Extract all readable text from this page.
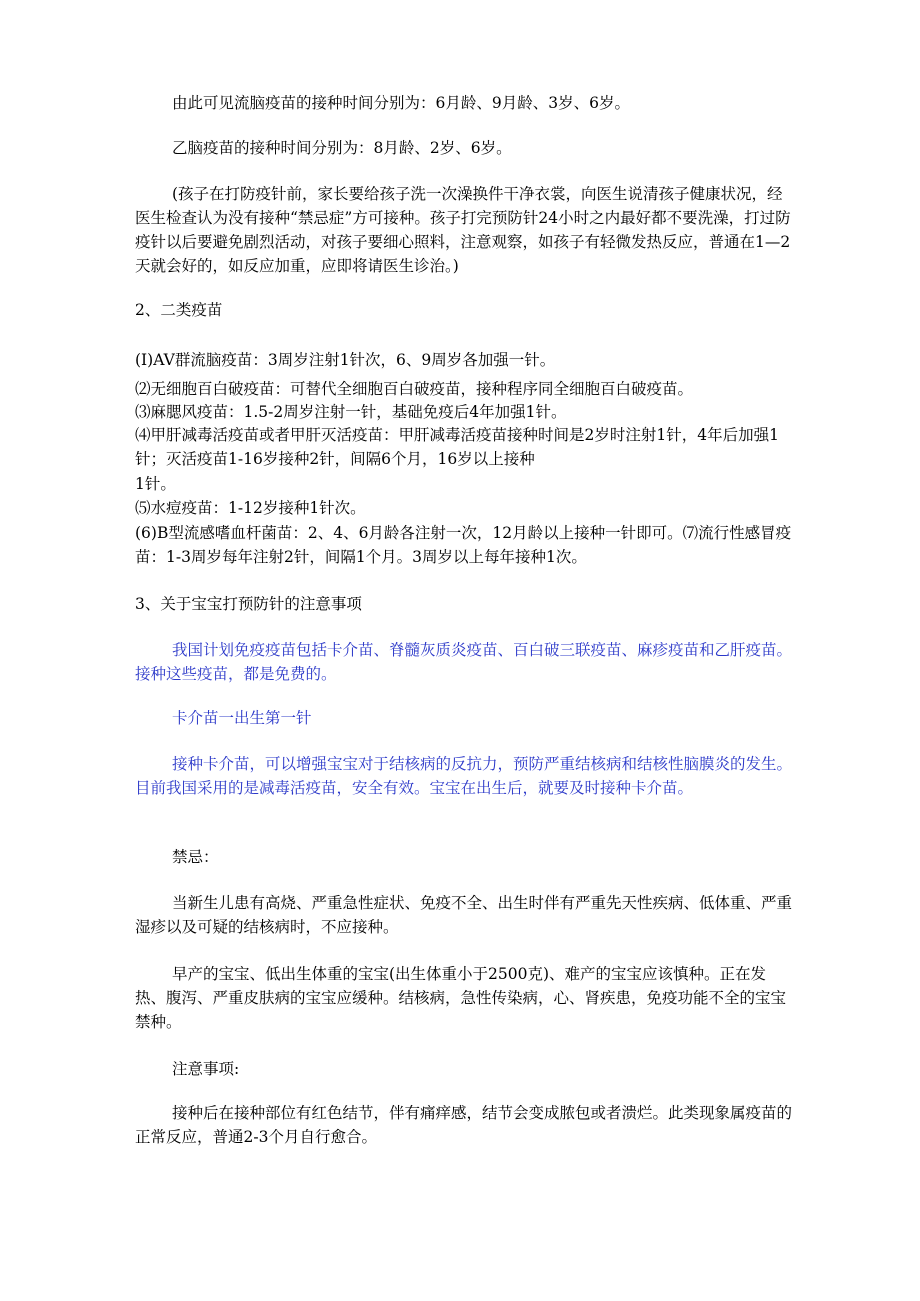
由此可见流脑疫苗的接种时间分别为：6月龄、9月龄、3岁、6岁。

乙脑疫苗的接种时间分别为：8月龄、2岁、6岁。

(孩子在打防疫针前，家长要给孩子洗一次澡换件干净衣裳，向医生说清孩子健康状况，经医生检查认为没有接种“禁忌症”方可接种。孩子打完预防针24小时之内最好都不要洗澡，打过防疫针以后要避免剧烈活动，对孩子要细心照料，注意观察，如孩子有轻微发热反应，普通在1—2天就会好的，如反应加重，应即将请医生诊治。)

2、二类疫苗

(I)AV群流脑疫苗：3周岁注射1针次，6、9周岁各加强一针。

⑵无细胞百白破疫苗：可替代全细胞百白破疫苗，接种程序同全细胞百白破疫苗。

⑶麻腮风疫苗：1.5-2周岁注射一针，基础免疫后4年加强1针。

⑷甲肝减毒活疫苗或者甲肝灭活疫苗：甲肝减毒活疫苗接种时间是2岁时注射1针，4年后加强1针；灭活疫苗1-16岁接种2针，间隔6个月，16岁以上接种

1针。

⑸水痘疫苗：1-12岁接种1针次。

(6)B型流感嗜血杆菌苗：2、4、6月龄各注射一次，12月龄以上接种一针即可。⑺流行性感冒疫苗：1-3周岁每年注射2针，间隔1个月。3周岁以上每年接种1次。

3、关于宝宝打预防针的注意事项

我国计划免疫疫苗包括卡介苗、脊髓灰质炎疫苗、百白破三联疫苗、麻疹疫苗和乙肝疫苗。接种这些疫苗，都是免费的。

卡介苗一出生第一针

接种卡介苗，可以增强宝宝对于结核病的反抗力，预防严重结核病和结核性脑膜炎的发生。目前我国采用的是减毒活疫苗，安全有效。宝宝在出生后，就要及时接种卡介苗。

禁忌：

当新生儿患有高烧、严重急性症状、免疫不全、出生时伴有严重先天性疾病、低体重、严重湿疹以及可疑的结核病时，不应接种。

早产的宝宝、低出生体重的宝宝(出生体重小于2500克)、难产的宝宝应该慎种。正在发热、腹泻、严重皮肤病的宝宝应缓种。结核病，急性传染病，心、肾疾患，免疫功能不全的宝宝禁种。

注意事项:

接种后在接种部位有红色结节，伴有痛痒感，结节会变成脓包或者溃烂。此类现象属疫苗的正常反应，普通2-3个月自行愈合。
